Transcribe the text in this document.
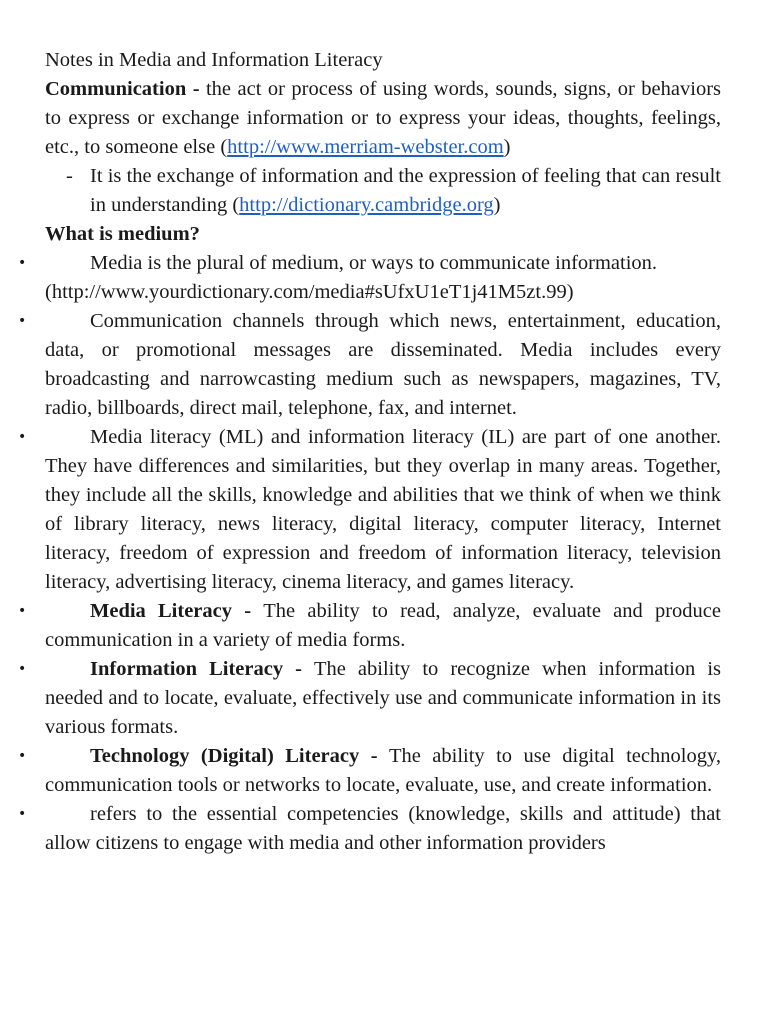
Notes in Media and Information Literacy
Communication - the act or process of using words, sounds, signs, or behaviors to express or exchange information or to express your ideas, thoughts, feelings, etc., to someone else (http://www.merriam-webster.com)
- It is the exchange of information and the expression of feeling that can result in understanding (http://dictionary.cambridge.org)
What is medium?
•	Media is the plural of medium, or ways to communicate information.
(http://www.yourdictionary.com/media#sUfxU1eT1j41M5zt.99)
•	Communication channels through which news, entertainment, education, data, or promotional messages are disseminated. Media includes every broadcasting and narrowcasting medium such as newspapers, magazines, TV, radio, billboards, direct mail, telephone, fax, and internet.
•	Media literacy (ML) and information literacy (IL) are part of one another. They have differences and similarities, but they overlap in many areas. Together, they include all the skills, knowledge and abilities that we think of when we think of library literacy, news literacy, digital literacy, computer literacy, Internet literacy, freedom of expression and freedom of information literacy, television literacy, advertising literacy, cinema literacy, and games literacy.
•	Media Literacy - The ability to read, analyze, evaluate and produce communication in a variety of media forms.
•	Information Literacy - The ability to recognize when information is needed and to locate, evaluate, effectively use and communicate information in its various formats.
•	Technology (Digital) Literacy - The ability to use digital technology, communication tools or networks to locate, evaluate, use, and create information.
•	refers to the essential competencies (knowledge, skills and attitude) that allow citizens to engage with media and other information providers
